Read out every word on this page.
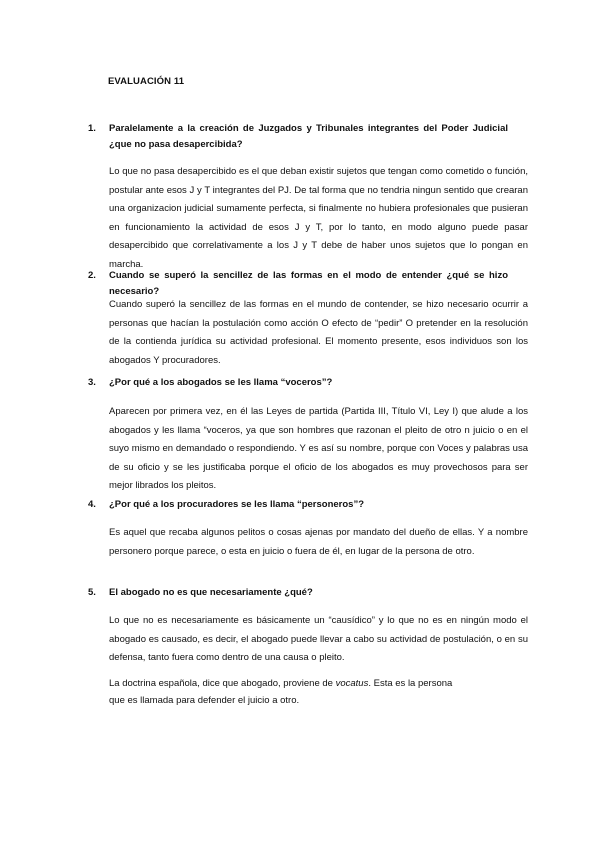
EVALUACIÓN 11
1. Paralelamente a la creación de Juzgados y Tribunales integrantes del Poder Judicial ¿que no pasa desapercibida?
Lo que no pasa desapercibido es el que deban existir sujetos que tengan como cometido o función, postular ante esos J y T integrantes del PJ. De tal forma que no tendria ningun sentido que crearan una organizacion judicial sumamente perfecta, si finalmente no hubiera profesionales que pusieran en funcionamiento la actividad de esos J y T, por lo tanto, en modo alguno puede pasar desapercibido que correlativamente a los J y T debe de haber unos sujetos que lo pongan en marcha.
2. Cuando se superó la sencillez de las formas en el modo de entender ¿qué se hizo necesario?
Cuando superó la sencillez de las formas en el mundo de contender, se hizo necesario ocurrir a personas que hacían la postulación como acción O efecto de “pedir” O pretender en la resolución de la contienda jurídica su actividad profesional. El momento presente, esos individuos son los abogados Y procuradores.
3. ¿Por qué a los abogados se les llama “voceros”?
Aparecen por primera vez, en él las Leyes de partida (Partida III, Título VI, Ley I) que alude a los abogados y les llama “voceros, ya que son hombres que razonan el pleito de otro n juicio o en el suyo mismo en demandado o respondiendo. Y es así su nombre, porque con Voces y palabras usa de su oficio y se les justificaba porque el oficio de los abogados es muy provechosos para ser mejor librados los pleitos.
4. ¿Por qué a los procuradores se les llama “personeros”?
Es aquel que recaba algunos pelitos o cosas ajenas por mandato del dueño de ellas. Y a nombre personero porque parece, o esta en juicio o fuera de él, en lugar de la persona de otro.
5. El abogado no es que necesariamente ¿qué?
Lo que no es necesariamente es básicamente un “causídico” y lo que no es en ningún modo el abogado es causado, es decir, el abogado puede llevar a cabo su actividad de postulación, o en su defensa, tanto fuera como dentro de una causa o pleito.
La doctrina española, dice que abogado, proviene de vocatus. Esta es la persona
que es llamada para defender el juicio a otro.
